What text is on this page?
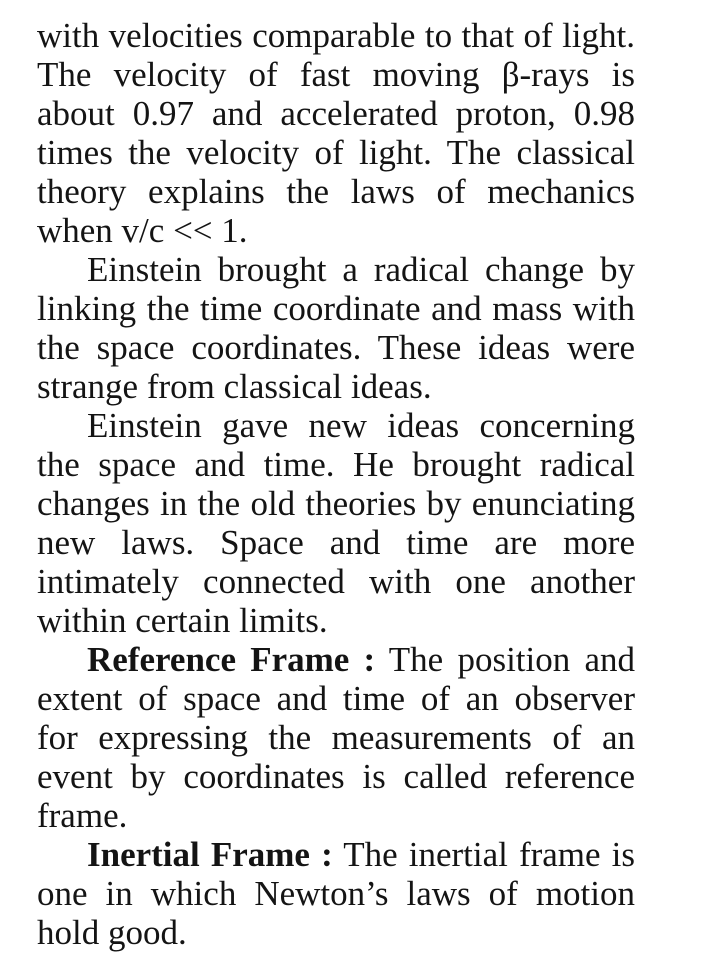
with velocities comparable to that of light. The velocity of fast moving β-rays is about 0.97 and accelerated proton, 0.98 times the velocity of light. The classical theory explains the laws of mechanics when v/c << 1.

Einstein brought a radical change by linking the time coordinate and mass with the space coordinates. These ideas were strange from classical ideas.

Einstein gave new ideas concerning the space and time. He brought radical changes in the old theories by enunciating new laws. Space and time are more intimately connected with one another within certain limits.

Reference Frame : The position and extent of space and time of an observer for expressing the measurements of an event by coordinates is called reference frame.

Inertial Frame : The inertial frame is one in which Newton’s laws of motion hold good.
